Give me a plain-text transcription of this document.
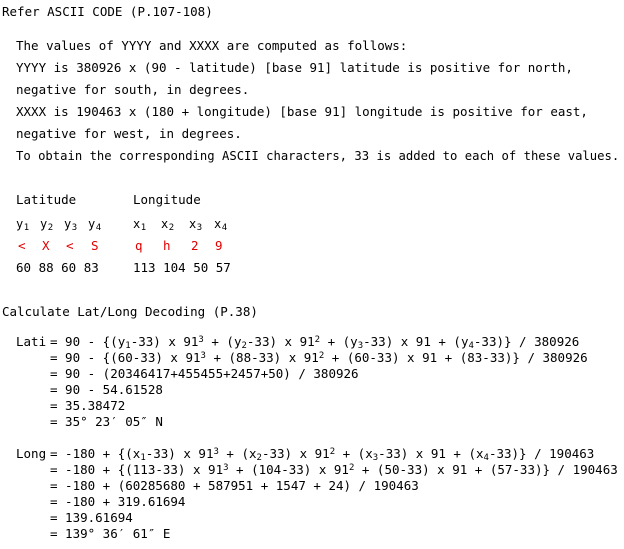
Refer ASCII CODE (P.107-108)
The values of YYYY and XXXX are computed as follows:
YYYY is 380926 x (90 - latitude) [base 91] latitude is positive for north,
negative for south, in degrees.
XXXX is 190463 x (180 + longitude) [base 91] longitude is positive for east,
negative for west, in degrees.
To obtain the corresponding ASCII characters, 33 is added to each of these values.
Latitude	Longitude
y1 y2 y3 y4	x1 x2 x3 x4
< X < S	q h 2 9
60 88 60 83	113 104 50 57
Calculate Lat/Long Decoding (P.38)
Lati = 90 - {(y1-33) x $91^3 + (y2-33)$ x $91^2 + (y3-33)$ x 91 + (y4-33)} / 380926
= 90 - {(60-33) x $91^3 + (88-33)$ x $91^2 + (60-33)$ x 91 + (83-33)} / 380926
= 90 - (20346417+455455+2457+50) / 380926
= 90 - 54.61528
= 35.38472
= 35° 23′ 05″ N
Long = -180 + {(x1-33) x $91^3 + (x2-33)$ x $91^2 + (x3-33)$ x 91 + (x4-33)} / 190463
= -180 + {(113-33) x $91^3 + (104-33)$ x $91^2 + (50-33)$ x 91 + (57-33)} / 190463
= -180 + (60285680 + 587951 + 1547 + 24) / 190463
= -180 + 319.61694
= 139.61694
= 139° 36′ 61″ E
